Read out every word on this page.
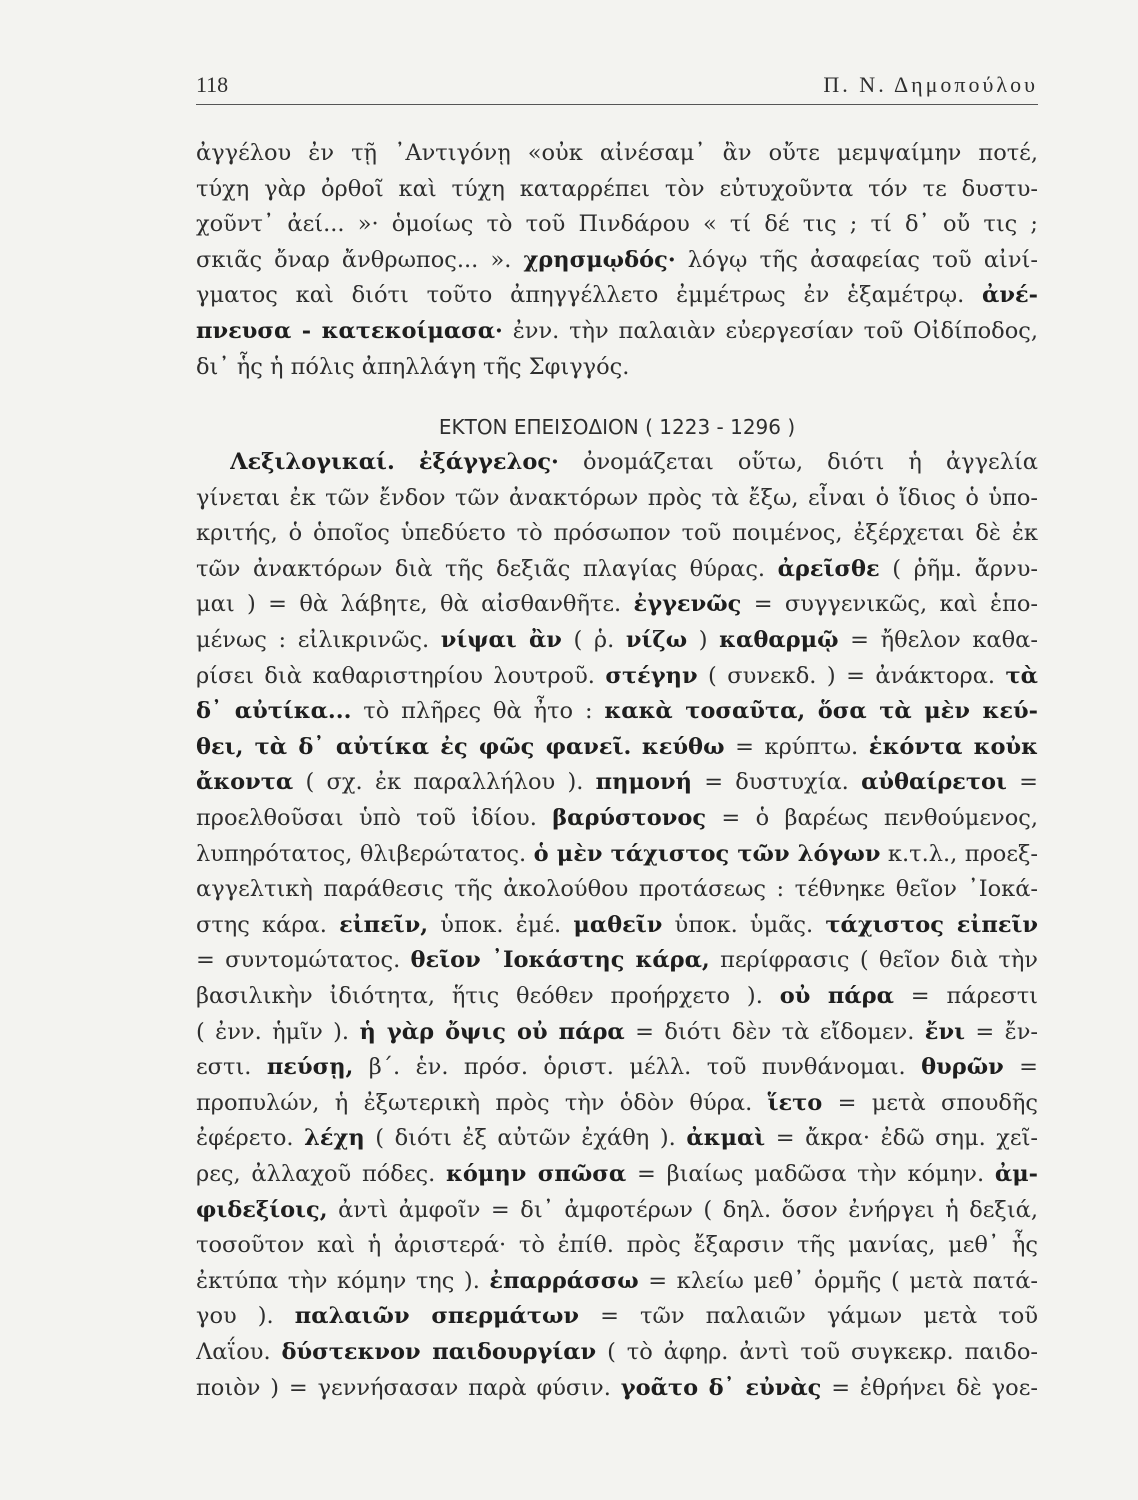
118	Π. Ν. Δημοπούλου
ἀγγέλου ἐν τῇ ᾿Αντιγόνῃ «οὐκ αἰνέσαμ᾿ ἂν οὔτε μεμψαίμην ποτέ,
τύχη γὰρ ὀρθοῖ καὶ τύχη καταρρέπει τὸν εὐτυχοῦντα τόν τε δυστυ-
χοῦντ᾿ ἀεί... »· ὁμοίως τὸ τοῦ Πινδάρου « τί δέ τις ; τί δ᾿ οὔ τις ;
σκιᾶς ὄναρ ἄνθρωπος... ». χρησμῳδός· λόγῳ τῆς ἀσαφείας τοῦ αἰνί-
γματος καὶ διότι τοῦτο ἀπηγγέλλετο ἐμμέτρως ἐν ἑξαμέτρῳ. ἀνέ-
πνευσα - κατεκοίμασα· ἐνν. τὴν παλαιὰν εὐεργεσίαν τοῦ Οἰδίποδος,
δι᾿ ἧς ἡ πόλις ἀπηλλάγη τῆς Σφιγγός.
Λεξιλογικαί. ἐξάγγελος· ὀνομάζεται οὕτω, διότι ἡ ἀγγελία
γίνεται ἐκ τῶν ἔνδον τῶν ἀνακτόρων πρὸς τὰ ἔξω, εἶναι ὁ ἴδιος ὁ ὑπο-
κριτής, ὁ ὁποῖος ὑπεδύετο τὸ πρόσωπον τοῦ ποιμένος, ἐξέρχεται δὲ ἐκ
τῶν ἀνακτόρων διὰ τῆς δεξιᾶς πλαγίας θύρας. ἀρεῖσθε ( ῥῆμ. ἄρνυ-
μαι ) = θὰ λάβητε, θὰ αἰσθανθῆτε. ἐγγενῶς = συγγενικῶς, καὶ ἑπο-
μένως : εἰλικρινῶς. νίψαι ἂν ( ῥ. νίζω ) καθαρμῷ = ἤθελον καθα-
ρίσει διὰ καθαριστηρίου λουτροῦ. στέγην ( συνεκδ. ) = ἀνάκτορα. τὰ
δ᾿ αὐτίκα... τὸ πλῆρες θὰ ἦτο : κακὰ τοσαῦτα, ὅσα τὰ μὲν κεύ-
θει, τὰ δ᾿ αὐτίκα ἐς φῶς φανεῖ. κεύθω = κρύπτω. ἑκόντα κοὐκ
ἄκοντα ( σχ. ἐκ παραλλήλου ). πημονή = δυστυχία. αὐθαίρετοι =
προελθοῦσαι ὑπὸ τοῦ ἰδίου. βαρύστονος = ὁ βαρέως πενθούμενος,
λυπηρότατος, θλιβερώτατος. ὁ μὲν τάχιστος τῶν λόγων κ.τ.λ., προεξ-
αγγελτικὴ παράθεσις τῆς ἀκολούθου προτάσεως : τέθνηκε θεῖον ᾿Ιοκά-
στης κάρα. εἰπεῖν, ὑποκ. ἐμέ. μαθεῖν ὑποκ. ὑμᾶς. τάχιστος εἰπεῖν
= συντομώτατος. θεῖον ᾿Ιοκάστης κάρα, περίφρασις ( θεῖον διὰ τὴν
βασιλικὴν ἰδιότητα, ἥτις θεόθεν προήρχετο ). οὐ πάρα = πάρεστι
( ἐνν. ἡμῖν ). ἡ γὰρ ὄψις οὐ πάρα = διότι δὲν τὰ εἴδομεν. ἔνι = ἔν-
εστι. πεύσῃ, β΄. ἑν. πρόσ. ὁριστ. μέλλ. τοῦ πυνθάνομαι. θυρῶν =
προπυλών, ἡ ἐξωτερικὴ πρὸς τὴν ὁδὸν θύρα. ἵετο = μετὰ σπουδῆς
ἐφέρετο. λέχη ( διότι ἐξ αὐτῶν ἐχάθη ). ἀκμαὶ = ἄκρα· ἐδῶ σημ. χεῖ-
ρες, ἀλλαχοῦ πόδες. κόμην σπῶσα = βιαίως μαδῶσα τὴν κόμην. ἀμ-
φιδεξίοις, ἀντὶ ἀμφοῖν = δι᾿ ἀμφοτέρων ( δηλ. ὅσον ἐνήργει ἡ δεξιά,
τοσοῦτον καὶ ἡ ἀριστερά· τὸ ἐπίθ. πρὸς ἔξαρσιν τῆς μανίας, μεθ᾿ ἧς
ἐκτύπα τὴν κόμην της ). ἐπαρράσσω = κλείω μεθ᾿ ὁρμῆς ( μετὰ πατά-
γου ). παλαιῶν σπερμάτων = τῶν παλαιῶν γάμων μετὰ τοῦ
Λαΐου. δύστεκνον παιδουργίαν ( τὸ ἀφηρ. ἀντὶ τοῦ συγκεκρ. παιδο-
ποιὸν ) = γεννήσασαν παρὰ φύσιν. γοᾶτο δ᾿ εὐνὰς = ἐθρήνει δὲ γοε-
ΕΚΤΟΝ ΕΠΕΙΣΟΔΙΟΝ ( 1223 - 1296 )
